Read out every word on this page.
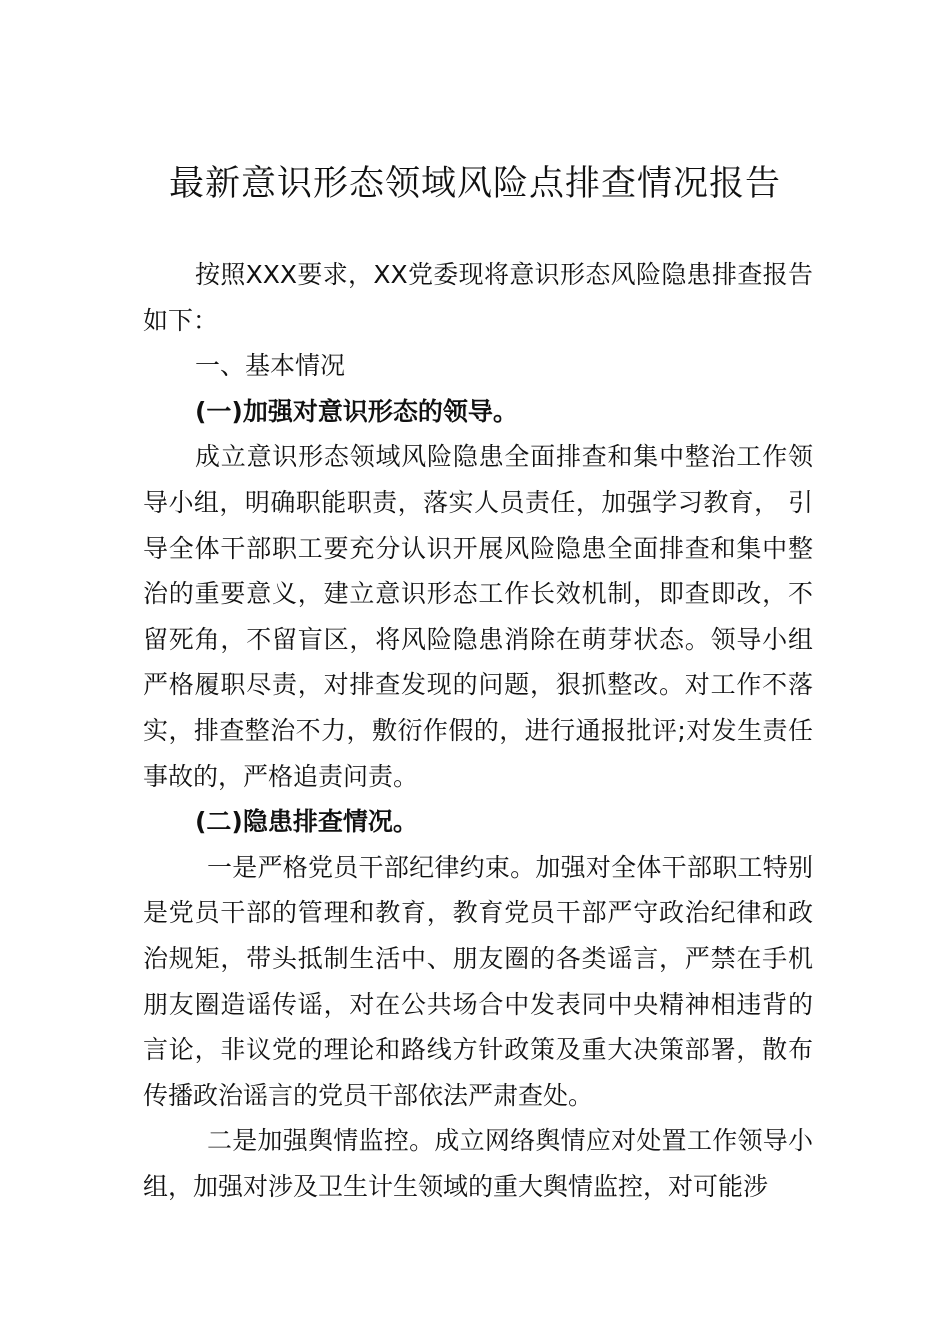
最新意识形态领域风险点排查情况报告

按照XXX要求，XX党委现将意识形态风险隐患排查报告如下：

一、基本情况

(一)加强对意识形态的领导。

成立意识形态领域风险隐患全面排查和集中整治工作领导小组，明确职能职责，落实人员责任，加强学习教育， 引导全体干部职工要充分认识开展风险隐患全面排查和集中整治的重要意义，建立意识形态工作长效机制，即查即改，不留死角，不留盲区，将风险隐患消除在萌芽状态。领导小组严格履职尽责，对排查发现的问题，狠抓整改。对工作不落实，排查整治不力，敷衍作假的，进行通报批评;对发生责任事故的，严格追责问责。

(二)隐患排查情况。

一是严格党员干部纪律约束。加强对全体干部职工特别是党员干部的管理和教育，教育党员干部严守政治纪律和政治规矩，带头抵制生活中、朋友圈的各类谣言，严禁在手机朋友圈造谣传谣，对在公共场合中发表同中央精神相违背的言论，非议党的理论和路线方针政策及重大决策部署，散布传播政治谣言的党员干部依法严肃查处。

二是加强舆情监控。成立网络舆情应对处置工作领导小组，加强对涉及卫生计生领域的重大舆情监控，对可能涉
